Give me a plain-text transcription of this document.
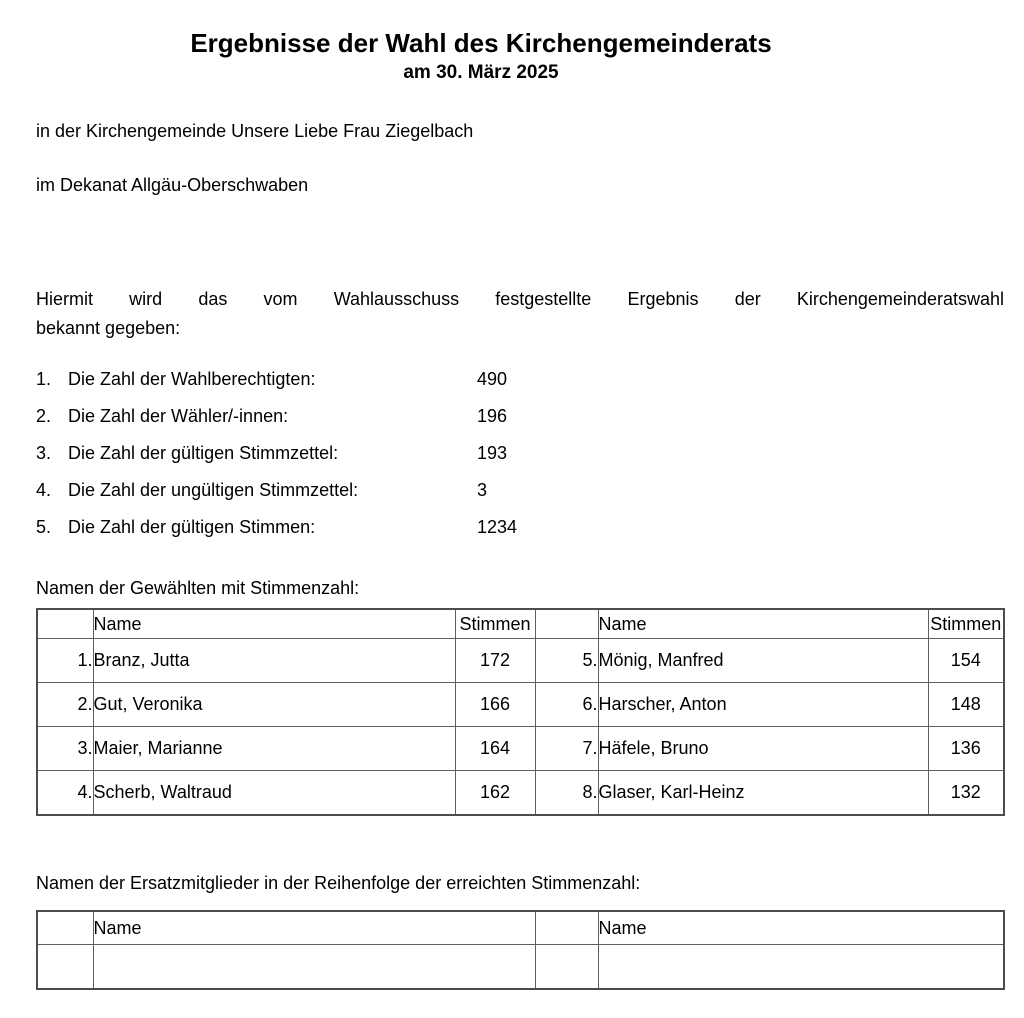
Ergebnisse der Wahl des Kirchengemeinderats
am 30. März 2025

in der Kirchengemeinde Unsere Liebe Frau Ziegelbach

im Dekanat Allgäu-Oberschwaben

Hiermit wird das vom Wahlausschuss festgestellte Ergebnis der Kirchengemeinderatswahl
bekannt gegeben:
1. Die Zahl der Wahlberechtigten:	490
2. Die Zahl der Wähler/-innen:	196
3. Die Zahl der gültigen Stimmzettel:	193
4. Die Zahl der ungültigen Stimmzettel:	3
5. Die Zahl der gültigen Stimmen:	1234

Namen der Gewählten mit Stimmenzahl:

	Name	Stimmen		Name	Stimmen
1.	Branz, Jutta	172	5.	Mönig, Manfred	154
2.	Gut, Veronika	166	6.	Harscher, Anton	148
3.	Maier, Marianne	164	7.	Häfele, Bruno	136
4.	Scherb, Waltraud	162	8.	Glaser, Karl-Heinz	132

Namen der Ersatzmitglieder in der Reihenfolge der erreichten Stimmenzahl:

	Name		Name
